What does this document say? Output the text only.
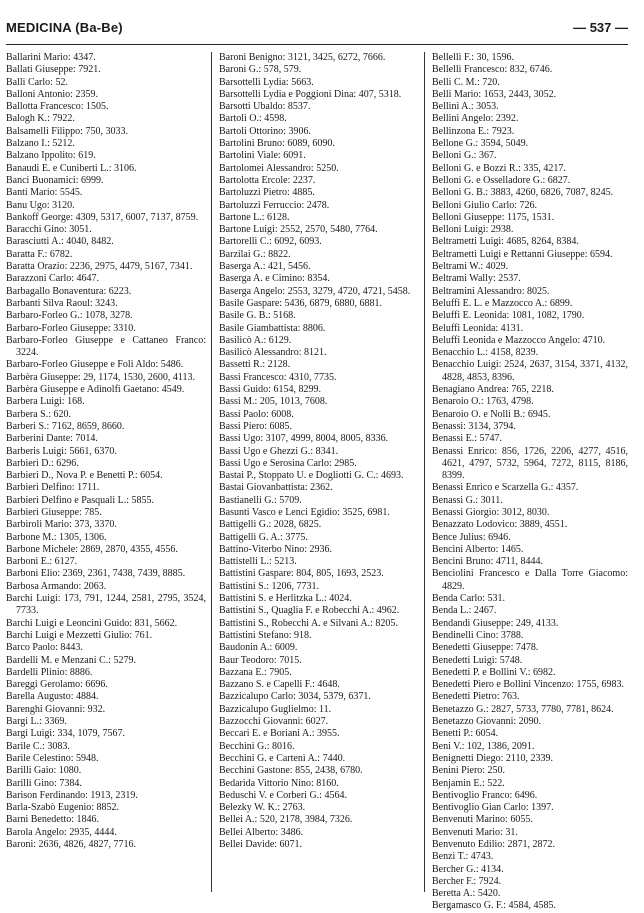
MEDICINA (Ba-Be)	— 537 —

Ballarini Mario: 4347.

Ballati Giuseppe: 7921.

Balli Carlo: 52.

Balloni Antonio: 2359.

Ballotta Francesco: 1505.

Balogh K.: 7922.

Balsamelli Filippo: 750, 3033.

Balzano I.: 5212.

Balzano Ippolito: 619.

Banaudi E. e Cuniberti L.: 3106.

Banci Buonamici: 6999.

Banti Mario: 5545.

Banu Ugo: 3120.

Bankoff George: 4309, 5317, 6007, 7137, 8759.

Baracchi Gino: 3051.

Barasciutti A.: 4040, 8482.

Baratta F.: 6782.

Baratta Orazio: 2236, 2975, 4479, 5167, 7341.

Barazzoni Carlo: 4647.

Barbagallo Bonaventura: 6223.

Barbanti Silva Raoul: 3243.

Barbaro-Forleo G.: 1078, 3278.

Barbaro-Forleo Giuseppe: 3310.

Barbaro-Forleo Giuseppe e Cattaneo Franco: 3224.

Barbaro-Forleo Giuseppe e Foli Aldo: 5486.

Barbèra Giuseppe: 29, 1174, 1530, 2600, 4113.

Barbèra Giuseppe e Adinolfi Gaetano: 4549.

Barbera Luigi: 168.

Barbera S.: 620.

Barberi S.: 7162, 8659, 8660.

Barberini Dante: 7014.

Barberis Luigi: 5661, 6370.

Barbieri D.: 6296.

Barbieri D., Nova P. e Benetti P.: 6054.

Barbieri Delfino: 1711.

Barbieri Delfino e Pasquali L.: 5855.

Barbieri Giuseppe: 785.

Barbiroli Mario: 373, 3370.

Barbone M.: 1305, 1306.

Barbone Michele: 2869, 2870, 4355, 4556.

Barboni E.: 6127.

Barboni Elio: 2369, 2361, 7438, 7439, 8885.

Barbosa Armando: 2063.

Barchi Luigi: 173, 791, 1244, 2581, 2795, 3524, 7733.

Barchi Luigi e Leoncini Guido: 831, 5662.

Barchi Luigi e Mezzetti Giulio: 761.

Barco Paolo: 8443.

Bardelli M. e Menzani C.: 5279.

Bardelli Plinio: 8886.

Bareggi Gerolamo: 6696.

Barella Augusto: 4884.

Barenghi Giovanni: 932.

Bargi L.: 3369.

Bargi Luigi: 334, 1079, 7567.

Barile C.: 3083.

Barile Celestino: 5948.

Barilli Gaio: 1080.

Barilli Gino: 7384.

Barison Ferdinando: 1913, 2319.

Barla-Szabò Eugenio: 8852.

Barni Benedetto: 1846.

Barola Angelo: 2935, 4444.

Baroni: 2636, 4826, 4827, 7716.

Baroni Benigno: 3121, 3425, 6272, 7666.

Baroni G.: 578, 579.

Barsottelli Lydia: 5663.

Barsottelli Lydia e Poggioni Dina: 407, 5318.

Barsotti Ubaldo: 8537.

Bartoli O.: 4598.

Bartoli Ottorino: 3906.

Bartolini Bruno: 6089, 6090.

Bartolini Viale: 6091.

Bartolomei Alessandro: 5250.

Bartolotta Ercole: 2237.

Bartoluzzi Pietro: 4885.

Bartoluzzi Ferruccio: 2478.

Bartone L.: 6128.

Bartone Luigi: 2552, 2570, 5480, 7764.

Bartorelli C.: 6092, 6093.

Barzilai G.: 8822.

Baserga A.: 421, 5456.

Baserga A. e Cimino: 8354.

Baserga Angelo: 2553, 3279, 4720, 4721, 5458.

Basile Gaspare: 5436, 6879, 6880, 6881.

Basile G. B.: 5168.

Basile Giambattista: 8806.

Basilicò A.: 6129.

Basilicò Alessandro: 8121.

Bassetti R.: 2128.

Bassi Francesco: 4310, 7735.

Bassi Guido: 6154, 8299.

Bassi M.: 205, 1013, 7608.

Bassi Paolo: 6008.

Bassi Piero: 6085.

Bassi Ugo: 3107, 4999, 8004, 8005, 8336.

Bassi Ugo e Ghezzi G.: 8341.

Bassi Ugo e Serosina Carlo: 2985.

Bastai P., Stoppato U. e Dogliotti G. C.: 4693.

Bastai Giovanbattista: 2362.

Bastianelli G.: 5709.

Basunti Vasco e Lenci Egidio: 3525, 6981.

Battigelli G.: 2028, 6825.

Battigelli G. A.: 3775.

Battino-Viterbo Nino: 2936.

Battistelli L.: 5213.

Battistini Gaspare: 804, 805, 1693, 2523.

Battistini S.: 1206, 7731.

Battistini S. e Herlitzka L.: 4024.

Battistini S., Quaglia F. e Robecchi A.: 4962.

Battistini S., Robecchi A. e Silvani A.: 8205.

Battistini Stefano: 918.

Baudonin A.: 6009.

Baur Teodoro: 7015.

Bazzana E.: 7905.

Bazzano S. e Capelli F.: 4648.

Bazzicalupo Carlo: 3034, 5379, 6371.

Bazzicalupo Guglielmo: 11.

Bazzocchi Giovanni: 6027.

Beccari E. e Boriani A.: 3955.

Becchini G.: 8016.

Becchini G. e Cartenì A.: 7440.

Becchini Gastone: 855, 2438, 6780.

Bedarida Vittorio Nino: 8160.

Beduschi V. e Corberi G.: 4564.

Belezky W. K.: 2763.

Bellei A.: 520, 2178, 3984, 7326.

Bellei Alberto: 3486.

Bellei Davide: 6071.

Bellelli F.: 30, 1596.

Bellelli Francesco: 832, 6746.

Belli C. M.: 720.

Belli Mario: 1653, 2443, 3052.

Bellini A.: 3053.

Bellini Angelo: 2392.

Bellinzona E.: 7923.

Bellone G.: 3594, 5049.

Belloni G.: 367.

Belloni G. e Bozzi R.: 335, 4217.

Belloni G. e Osselladore G.: 6827.

Belloni G. B.: 3883, 4260, 6826, 7087, 8245.

Belloni Giulio Carlo: 726.

Belloni Giuseppe: 1175, 1531.

Belloni Luigi: 2938.

Beltrametti Luigi: 4685, 8264, 8384.

Beltrametti Luigi e Rettanni Giuseppe: 6594.

Beltrami W.: 4029.

Beltrami Wally: 2537.

Beltramini Alessandro: 8025.

Beluffi E. L. e Mazzocco A.: 6899.

Beluffi E. Leonida: 1081, 1082, 1790.

Beluffi Leonida: 4131.

Beluffi Leonida e Mazzocco Angelo: 4710.

Benacchio L.: 4158, 8239.

Benacchio Luigi: 2524, 2637, 3154, 3371, 4132, 4828, 4853, 8396.

Benagiano Andrea: 765, 2218.

Benaroio O.: 1763, 4798.

Benaroio O. e Nolli B.: 6945.

Benassi: 3134, 3794.

Benassi E.: 5747.

Benassi Enrico: 856, 1726, 2206, 4277, 4516, 4621, 4797, 5732, 5964, 7272, 8115, 8186, 8399.

Benassi Enrico e Scarzella G.: 4357.

Benassi G.: 3011.

Benassi Giorgio: 3012, 8030.

Benazzato Lodovico: 3889, 4551.

Bence Julius: 6946.

Bencini Alberto: 1465.

Bencini Bruno: 4711, 8444.

Benciolini Francesco e Dalla Torre Giacomo: 4829.

Benda Carlo: 531.

Benda L.: 2467.

Bendandi Giuseppe: 249, 4133.

Bendinelli Cino: 3788.

Benedetti Giuseppe: 7478.

Benedetti Luigi: 5748.

Benedetti P. e Bollini V.: 6982.

Benedetti Piero e Bollini Vincenzo: 1755, 6983.

Benedetti Pietro: 763.

Benetazzo G.: 2827, 5733, 7780, 7781, 8624.

Benetazzo Giovanni: 2090.

Benetti P.: 6054.

Beni V.: 102, 1386, 2091.

Benignetti Diego: 2110, 2339.

Benini Piero: 250.

Benjamin E.: 522.

Bentivoglio Franco: 6496.

Bentivoglio Gian Carlo: 1397.

Benvenuti Marino: 6055.

Benvenuti Mario: 31.

Benvenuto Edilio: 2871, 2872.

Benzi T.: 4743.

Bercher G.: 4134.

Bercher F.: 7924.

Beretta A.: 5420.

Bergamasco G. F.: 4584, 4585.
